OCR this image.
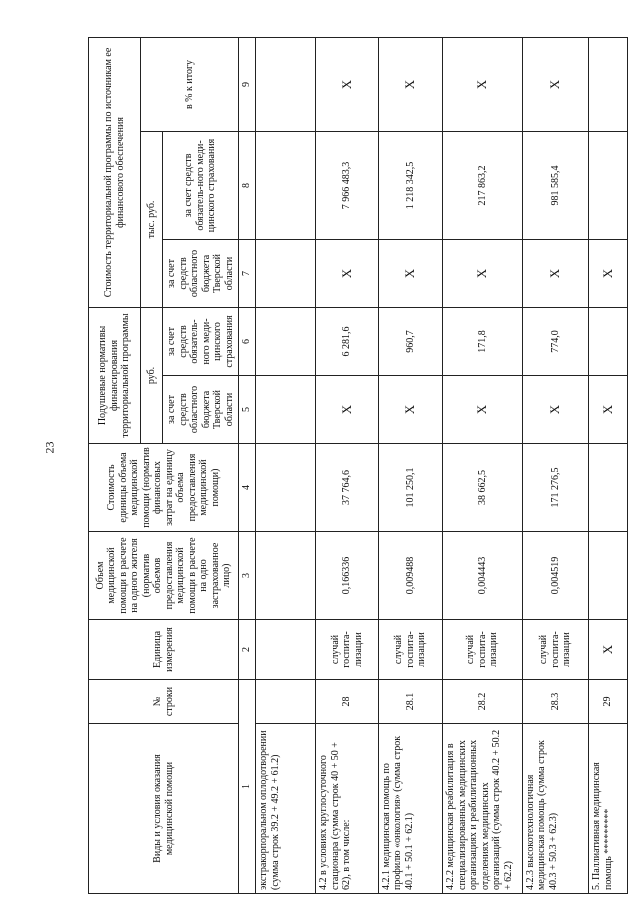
23
Виды и условия оказания медицинской помощи	№ строки	Единица измерения	Объем медицинской помощи в расчете на одного жителя (норматив объемов предоставления медицинской помощи в расчете на одно застрахованное лицо)	Стоимость единицы объема медицинской помощи (норматив финансовых затрат на единицу объема предоставления медицинской помощи)	Подушевые нормативы финансирования территориальной программы		Стоимость территориальной программы по источникам ее финансового обеспечения		
					руб.		тыс. руб.		в % к итогу
					за счет средств областного бюджета Тверской области	за счет средств обязатель-ного меди-цинского страхования	за счет средств областного бюджета Тверской области	за счет средств обязатель-ного меди-цинского страхования	
1		2	3	4	5	6	7	8	9
экстракорпоральном оплодотворении (сумма строк 39.2 + 49.2 + 61.2)									
4.2 в условиях круглосуточного стационара (сумма строк 40 + 50 + 62), в том числе:	28	случай госпита-лизации	0,166336	37 764,6	Х	6 281,6	Х	7 966 483,3	Х
4.2.1 медицинская помощь по профилю «онкология» (сумма строк 40.1 + 50.1 + 62.1)	28.1	случай госпита-лизации	0,009488	101 250,1	Х	960,7	Х	1 218 342,5	Х
4.2.2 медицинская реабилитация в специализированных медицинских организациях и реабилитационных отделениях медицинских организаций (сумма строк 40.2 + 50.2 + 62.2)	28.2	случай госпита-лизации	0,004443	38 662,5	Х	171,8	Х	217 863,2	Х
4.2.3 высокотехнологичная медицинская помощь (сумма строк 40.3 + 50.3 + 62.3)	28.3	случай госпита-лизации	0,004519	171 276,5	Х	774,0	Х	981 585,4	Х
5. Паллиативная медицинская помощь *********	29	Х			Х		Х		
